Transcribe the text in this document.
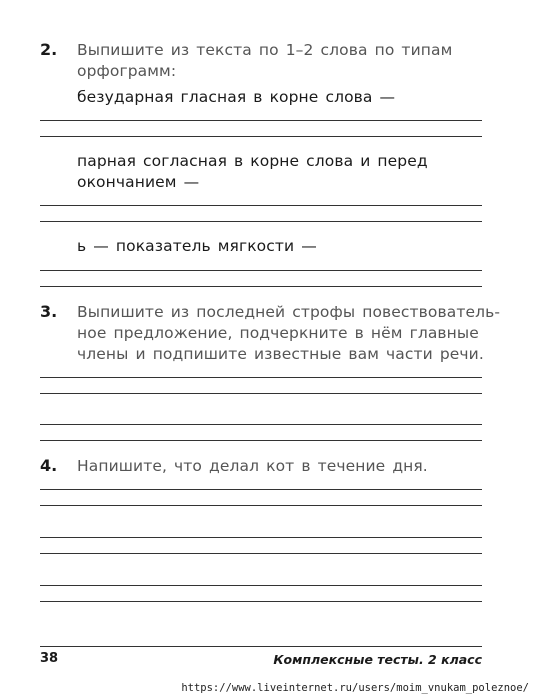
2. Выпишите из текста по 1–2 слова по типам
орфограмм:
безударная гласная в корне слова —
парная согласная в корне слова и перед
окончанием —
ь — показатель мягкости —
3. Выпишите из последней строфы повествователь-
ное предложение, подчеркните в нём главные
члены и подпишите известные вам части речи.
4. Напишите, что делал кот в течение дня.
38	Комплексные тесты. 2 класс
https://www.liveinternet.ru/users/moim_vnukam_poleznoe/
